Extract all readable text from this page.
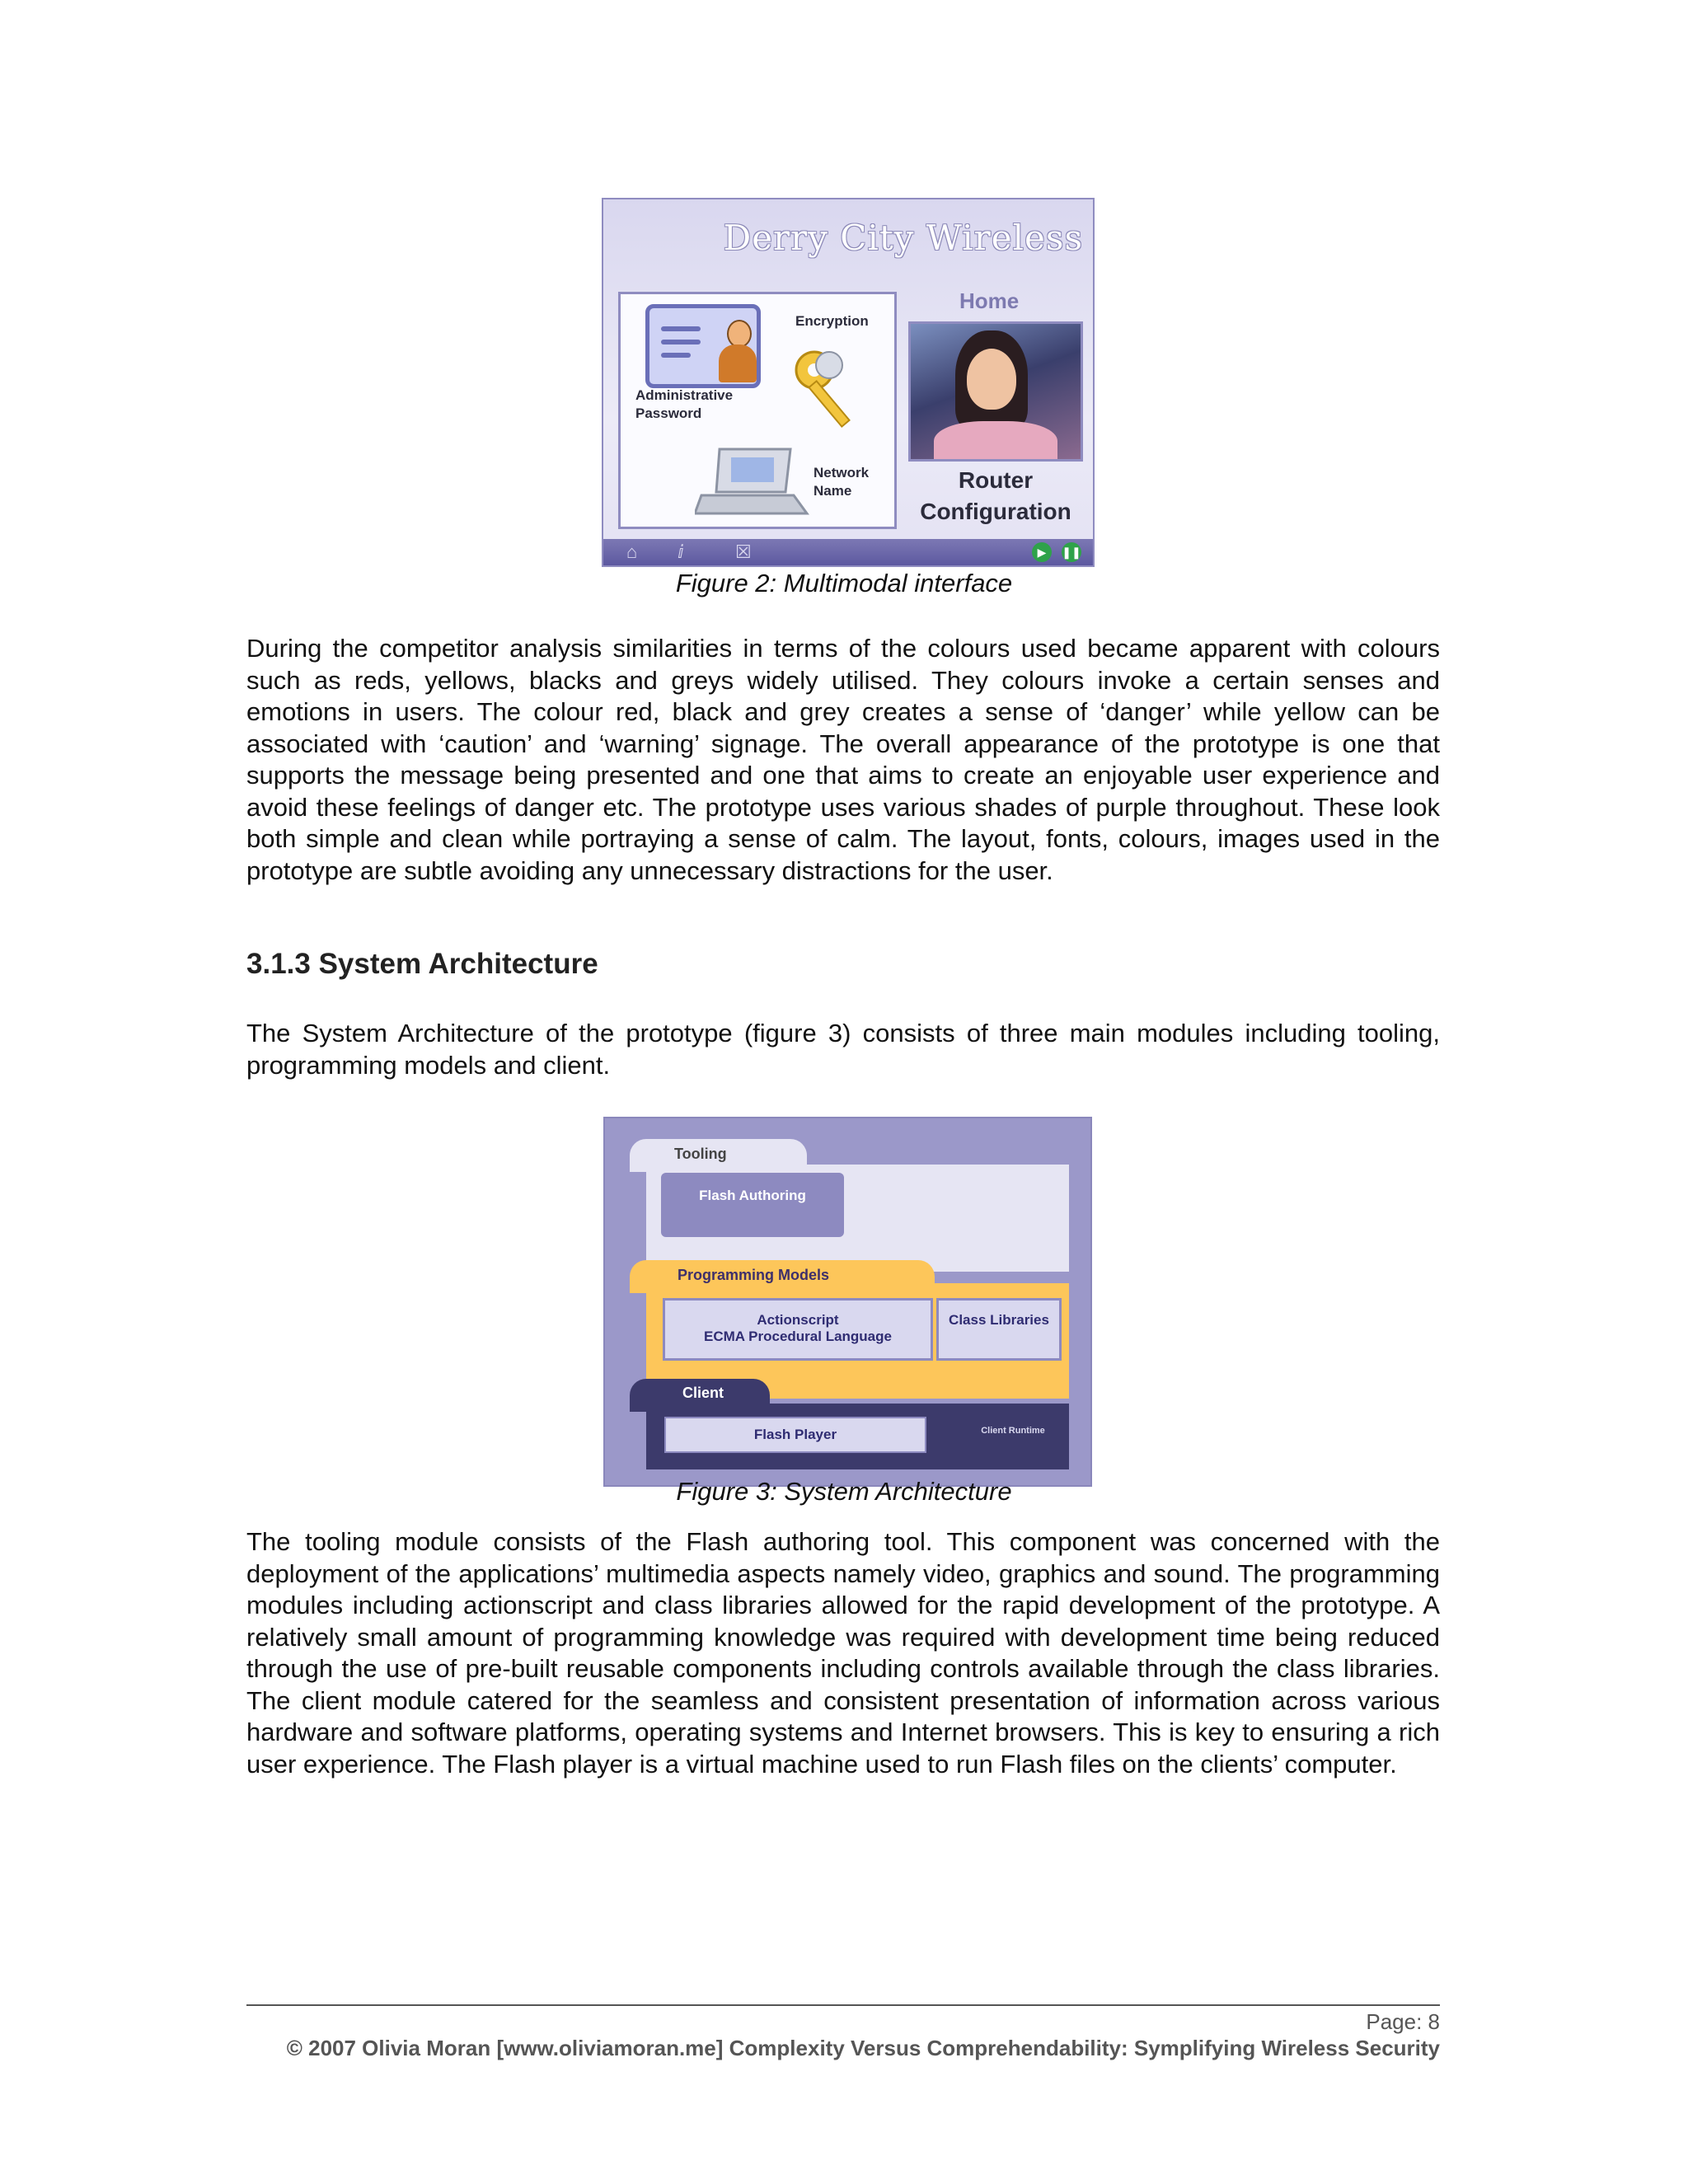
Derry City Wireless
Administrative Password
Encryption
Network Name
Home
Router Configuration
⌂ ⅈ	☒	▶	❚❚
Figure 2: Multimodal interface
During the competitor analysis similarities in terms of the colours used became apparent with colours such as reds, yellows, blacks and greys widely utilised. They colours invoke a certain senses and emotions in users. The colour red, black and grey creates a sense of ‘danger’ while yellow can be associated with ‘caution’ and ‘warning’ signage. The overall appearance of the prototype is one that supports the message being presented and one that aims to create an enjoyable user experience and avoid these feelings of danger etc. The prototype uses various shades of purple throughout. These look both simple and clean while portraying a sense of calm. The layout, fonts, colours, images used in the prototype are subtle avoiding any unnecessary distractions for the user.
3.1.3 System Architecture
The System Architecture of the prototype (figure 3) consists of three main modules including tooling, programming models and client.
Tooling
Flash Authoring
Programming Models
Actionscript
ECMA Procedural Language
Class Libraries
Client
Flash Player	Client Runtime
Figure 3: System Architecture
The tooling module consists of the Flash authoring tool. This component was concerned with the deployment of the applications’ multimedia aspects namely video, graphics and sound. The programming modules including actionscript and class libraries allowed for the rapid development of the prototype. A relatively small amount of programming knowledge was required with development time being reduced through the use of pre-built reusable components including controls available through the class libraries. The client module catered for the seamless and consistent presentation of information across various hardware and software platforms, operating systems and Internet browsers. This is key to ensuring a rich user experience. The Flash player is a virtual machine used to run Flash files on the clients’ computer.
Page: 8
© 2007 Olivia Moran [www.oliviamoran.me] Complexity Versus Comprehendability: Symplifying Wireless Security
